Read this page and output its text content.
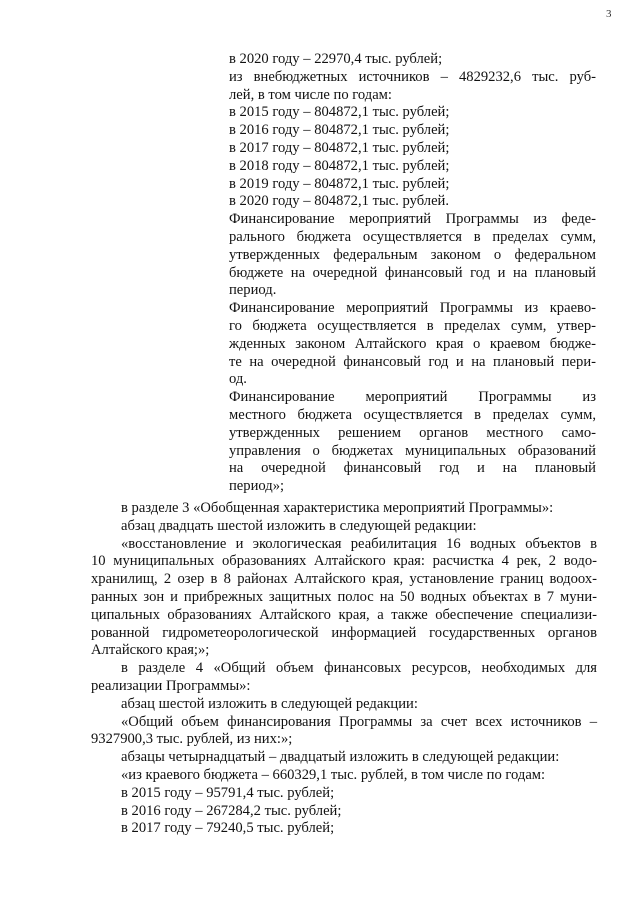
3
в 2020 году – 22970,4 тыс. рублей;
из внебюджетных источников – 4829232,6 тыс. руб-
лей, в том числе по годам:
в 2015 году – 804872,1 тыс. рублей;
в 2016 году – 804872,1 тыс. рублей;
в 2017 году – 804872,1 тыс. рублей;
в 2018 году – 804872,1 тыс. рублей;
в 2019 году – 804872,1 тыс. рублей;
в 2020 году – 804872,1 тыс. рублей.
Финансирование мероприятий Программы из феде-
рального бюджета осуществляется в пределах сумм,
утвержденных федеральным законом о федеральном
бюджете на очередной финансовый год и на плановый
период.
Финансирование мероприятий Программы из краево-
го бюджета осуществляется в пределах сумм, утвер-
жденных законом Алтайского края о краевом бюдже-
те на очередной финансовый год и на плановый пери-
од.
Финансирование мероприятий Программы из
местного бюджета осуществляется в пределах сумм,
утвержденных решением органов местного само-
управления о бюджетах муниципальных образований
на очередной финансовый год и на плановый
период»;
в разделе 3 «Обобщенная характеристика мероприятий Программы»:
абзац двадцать шестой изложить в следующей редакции:
«восстановление и экологическая реабилитация 16 водных объектов в
10 муниципальных образованиях Алтайского края: расчистка 4 рек, 2 водо-
хранилищ, 2 озер в 8 районах Алтайского края, установление границ водоох-
ранных зон и прибрежных защитных полос на 50 водных объектах в 7 муни-
ципальных образованиях Алтайского края, а также обеспечение специализи-
рованной гидрометеорологической информацией государственных органов
Алтайского края;»;
в разделе 4 «Общий объем финансовых ресурсов, необходимых для
реализации Программы»:
абзац шестой изложить в следующей редакции:
«Общий объем финансирования Программы за счет всех источников –
9327900,3 тыс. рублей, из них:»;
абзацы четырнадцатый – двадцатый изложить в следующей редакции:
«из краевого бюджета – 660329,1 тыс. рублей, в том числе по годам:
в 2015 году – 95791,4 тыс. рублей;
в 2016 году – 267284,2 тыс. рублей;
в 2017 году – 79240,5 тыс. рублей;
